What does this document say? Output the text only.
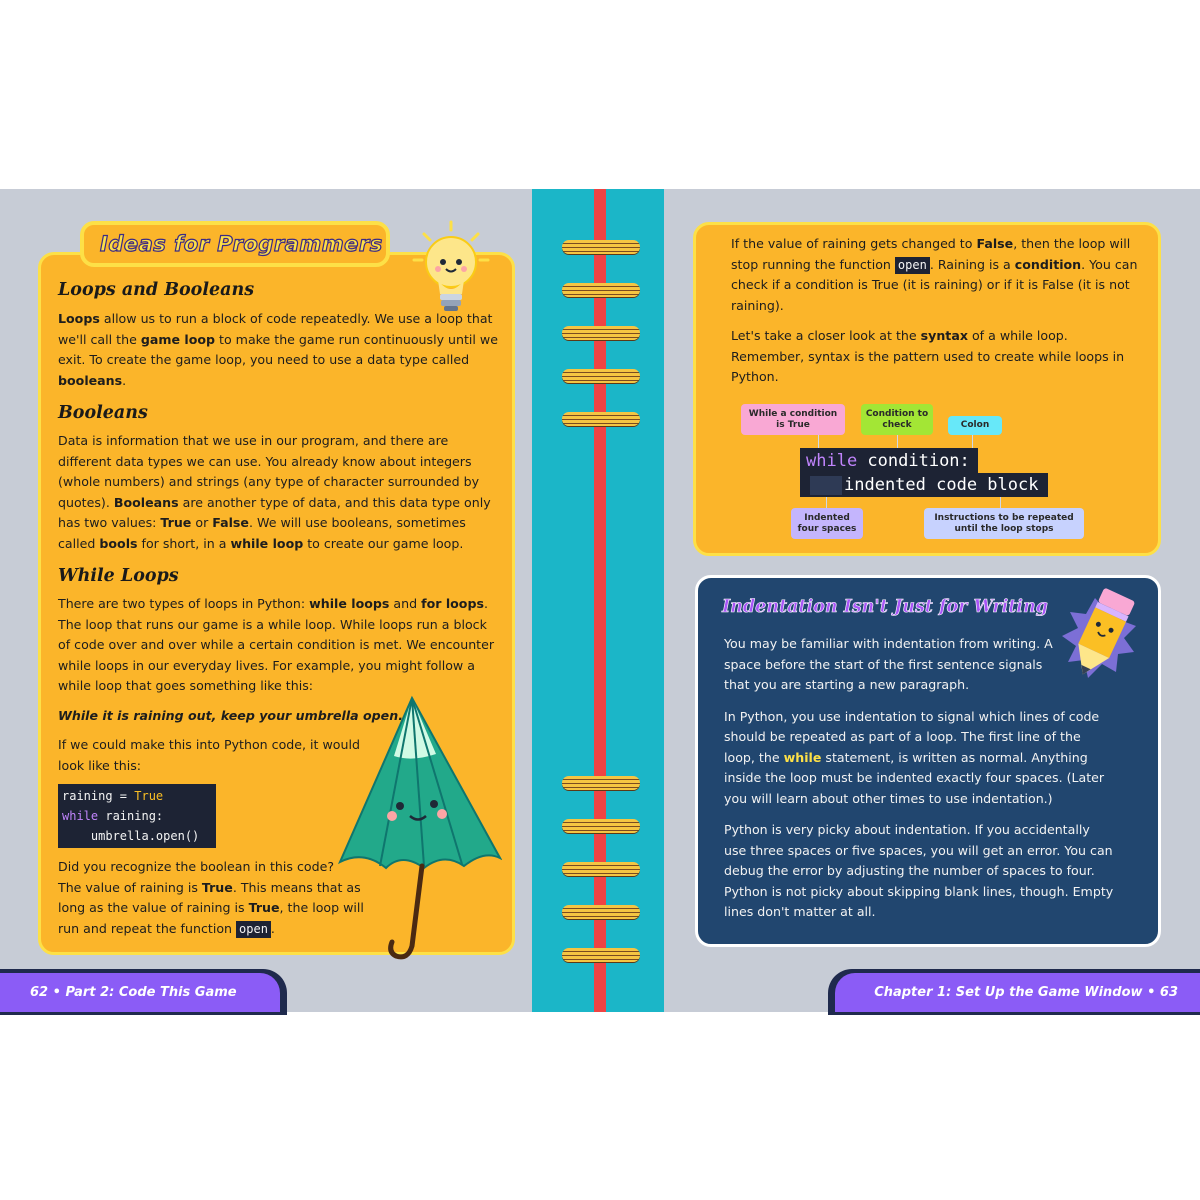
Ideas for Programmers
Loops and Booleans

Loops allow us to run a block of code repeatedly. We use a loop that we'll call the game loop to make the game run continuously until we exit. To create the game loop, you need to use a data type called booleans.

Booleans

Data is information that we use in our program, and there are different data types we can use. You already know about integers (whole numbers) and strings (any type of character surrounded by quotes). Booleans are another type of data, and this data type only has two values: True or False. We will use booleans, sometimes called bools for short, in a while loop to create our game loop.

While Loops

There are two types of loops in Python: while loops and for loops. The loop that runs our game is a while loop. While loops run a block of code over and over while a certain condition is met. We encounter while loops in our everyday lives. For example, you might follow a while loop that goes something like this:

While it is raining out, keep your umbrella open.

If we could make this into Python code, it would look like this:

raining = True
while raining:
umbrella.open()

Did you recognize the boolean in this code?

The value of raining is True. This means that as long as the value of raining is True, the loop will run and repeat the function open .

If the value of raining gets changed to False, then the loop will stop running the function open . Raining is a condition. You can check if a condition is True (it is raining) or if it is False (it is not raining).

Let's take a closer look at the syntax of a while loop. Remember, syntax is the pattern used to create while loops in Python.

While a condition is True
Condition to check	Colon
while condition:
indented code block
Indented four spaces
Instructions to be repeated until the loop stops
Indentation Isn't Just for Writing

You may be familiar with indentation from writing. A space before the start of the first sentence signals that you are starting a new paragraph.

In Python, you use indentation to signal which lines of code should be repeated as part of a loop. The first line of the loop, the while statement, is written as normal. Anything inside the loop must be indented exactly four spaces. (Later you will learn about other times to use indentation.)

Python is very picky about indentation. If you accidentally use three spaces or five spaces, you will get an error. You can debug the error by adjusting the number of spaces to four. Python is not picky about skipping blank lines, though. Empty lines don't matter at all.

62 • Part 2: Code This Game	Chapter 1: Set Up the Game Window • 63
